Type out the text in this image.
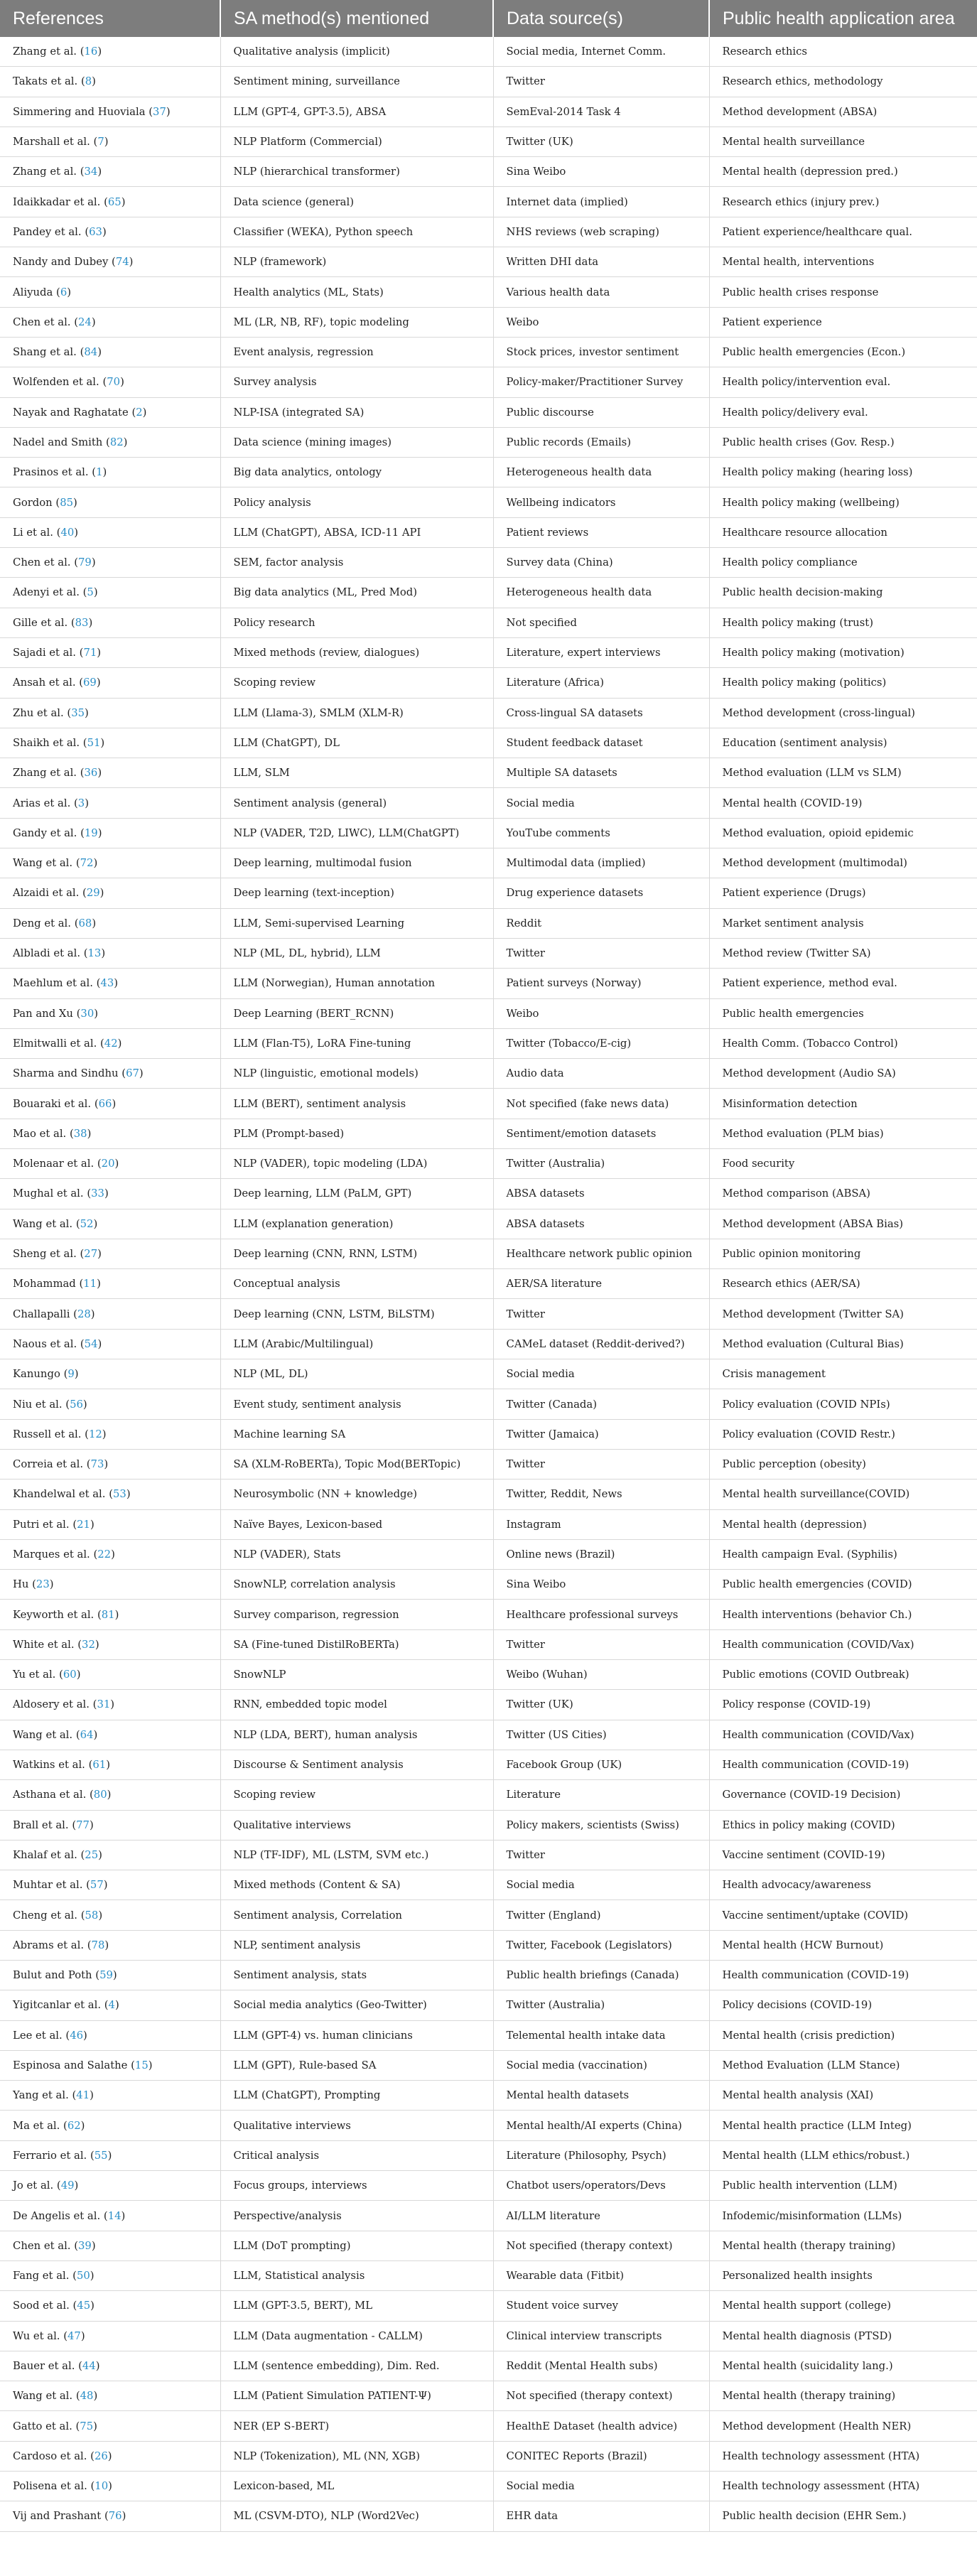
References	SA method(s) mentioned	Data source(s)	Public health application area
Zhang et al. (16)	Qualitative analysis (implicit)	Social media, Internet Comm.	Research ethics
Takats et al. (8)	Sentiment mining, surveillance	Twitter	Research ethics, methodology
Simmering and Huoviala (37)	LLM (GPT-4, GPT-3.5), ABSA	SemEval-2014 Task 4	Method development (ABSA)
Marshall et al. (7)	NLP Platform (Commercial)	Twitter (UK)	Mental health surveillance
Zhang et al. (34)	NLP (hierarchical transformer)	Sina Weibo	Mental health (depression pred.)
Idaikkadar et al. (65)	Data science (general)	Internet data (implied)	Research ethics (injury prev.)
Pandey et al. (63)	Classifier (WEKA), Python speech	NHS reviews (web scraping)	Patient experience/healthcare qual.
Nandy and Dubey (74)	NLP (framework)	Written DHI data	Mental health, interventions
Aliyuda (6)	Health analytics (ML, Stats)	Various health data	Public health crises response
Chen et al. (24)	ML (LR, NB, RF), topic modeling	Weibo	Patient experience
Shang et al. (84)	Event analysis, regression	Stock prices, investor sentiment	Public health emergencies (Econ.)
Wolfenden et al. (70)	Survey analysis	Policy-maker/Practitioner Survey	Health policy/intervention eval.
Nayak and Raghatate (2)	NLP-ISA (integrated SA)	Public discourse	Health policy/delivery eval.
Nadel and Smith (82)	Data science (mining images)	Public records (Emails)	Public health crises (Gov. Resp.)
Prasinos et al. (1)	Big data analytics, ontology	Heterogeneous health data	Health policy making (hearing loss)
Gordon (85)	Policy analysis	Wellbeing indicators	Health policy making (wellbeing)
Li et al. (40)	LLM (ChatGPT), ABSA, ICD-11 API	Patient reviews	Healthcare resource allocation
Chen et al. (79)	SEM, factor analysis	Survey data (China)	Health policy compliance
Adenyi et al. (5)	Big data analytics (ML, Pred Mod)	Heterogeneous health data	Public health decision-making
Gille et al. (83)	Policy research	Not specified	Health policy making (trust)
Sajadi et al. (71)	Mixed methods (review, dialogues)	Literature, expert interviews	Health policy making (motivation)
Ansah et al. (69)	Scoping review	Literature (Africa)	Health policy making (politics)
Zhu et al. (35)	LLM (Llama-3), SMLM (XLM-R)	Cross-lingual SA datasets	Method development (cross-lingual)
Shaikh et al. (51)	LLM (ChatGPT), DL	Student feedback dataset	Education (sentiment analysis)
Zhang et al. (36)	LLM, SLM	Multiple SA datasets	Method evaluation (LLM vs SLM)
Arias et al. (3)	Sentiment analysis (general)	Social media	Mental health (COVID-19)
Gandy et al. (19)	NLP (VADER, T2D, LIWC), LLM(ChatGPT)	YouTube comments	Method evaluation, opioid epidemic
Wang et al. (72)	Deep learning, multimodal fusion	Multimodal data (implied)	Method development (multimodal)
Alzaidi et al. (29)	Deep learning (text-inception)	Drug experience datasets	Patient experience (Drugs)
Deng et al. (68)	LLM, Semi-supervised Learning	Reddit	Market sentiment analysis
Albladi et al. (13)	NLP (ML, DL, hybrid), LLM	Twitter	Method review (Twitter SA)
Maehlum et al. (43)	LLM (Norwegian), Human annotation	Patient surveys (Norway)	Patient experience, method eval.
Pan and Xu (30)	Deep Learning (BERT_RCNN)	Weibo	Public health emergencies
Elmitwalli et al. (42)	LLM (Flan-T5), LoRA Fine-tuning	Twitter (Tobacco/E-cig)	Health Comm. (Tobacco Control)
Sharma and Sindhu (67)	NLP (linguistic, emotional models)	Audio data	Method development (Audio SA)
Bouaraki et al. (66)	LLM (BERT), sentiment analysis	Not specified (fake news data)	Misinformation detection
Mao et al. (38)	PLM (Prompt-based)	Sentiment/emotion datasets	Method evaluation (PLM bias)
Molenaar et al. (20)	NLP (VADER), topic modeling (LDA)	Twitter (Australia)	Food security
Mughal et al. (33)	Deep learning, LLM (PaLM, GPT)	ABSA datasets	Method comparison (ABSA)
Wang et al. (52)	LLM (explanation generation)	ABSA datasets	Method development (ABSA Bias)
Sheng et al. (27)	Deep learning (CNN, RNN, LSTM)	Healthcare network public opinion	Public opinion monitoring
Mohammad (11)	Conceptual analysis	AER/SA literature	Research ethics (AER/SA)
Challapalli (28)	Deep learning (CNN, LSTM, BiLSTM)	Twitter	Method development (Twitter SA)
Naous et al. (54)	LLM (Arabic/Multilingual)	CAMeL dataset (Reddit-derived?)	Method evaluation (Cultural Bias)
Kanungo (9)	NLP (ML, DL)	Social media	Crisis management
Niu et al. (56)	Event study, sentiment analysis	Twitter (Canada)	Policy evaluation (COVID NPIs)
Russell et al. (12)	Machine learning SA	Twitter (Jamaica)	Policy evaluation (COVID Restr.)
Correia et al. (73)	SA (XLM-RoBERTa), Topic Mod(BERTopic)	Twitter	Public perception (obesity)
Khandelwal et al. (53)	Neurosymbolic (NN + knowledge)	Twitter, Reddit, News	Mental health surveillance(COVID)
Putri et al. (21)	Naïve Bayes, Lexicon-based	Instagram	Mental health (depression)
Marques et al. (22)	NLP (VADER), Stats	Online news (Brazil)	Health campaign Eval. (Syphilis)
Hu (23)	SnowNLP, correlation analysis	Sina Weibo	Public health emergencies (COVID)
Keyworth et al. (81)	Survey comparison, regression	Healthcare professional surveys	Health interventions (behavior Ch.)
White et al. (32)	SA (Fine-tuned DistilRoBERTa)	Twitter	Health communication (COVID/Vax)
Yu et al. (60)	SnowNLP	Weibo (Wuhan)	Public emotions (COVID Outbreak)
Aldosery et al. (31)	RNN, embedded topic model	Twitter (UK)	Policy response (COVID-19)
Wang et al. (64)	NLP (LDA, BERT), human analysis	Twitter (US Cities)	Health communication (COVID/Vax)
Watkins et al. (61)	Discourse & Sentiment analysis	Facebook Group (UK)	Health communication (COVID-19)
Asthana et al. (80)	Scoping review	Literature	Governance (COVID-19 Decision)
Brall et al. (77)	Qualitative interviews	Policy makers, scientists (Swiss)	Ethics in policy making (COVID)
Khalaf et al. (25)	NLP (TF-IDF), ML (LSTM, SVM etc.)	Twitter	Vaccine sentiment (COVID-19)
Muhtar et al. (57)	Mixed methods (Content & SA)	Social media	Health advocacy/awareness
Cheng et al. (58)	Sentiment analysis, Correlation	Twitter (England)	Vaccine sentiment/uptake (COVID)
Abrams et al. (78)	NLP, sentiment analysis	Twitter, Facebook (Legislators)	Mental health (HCW Burnout)
Bulut and Poth (59)	Sentiment analysis, stats	Public health briefings (Canada)	Health communication (COVID-19)
Yigitcanlar et al. (4)	Social media analytics (Geo-Twitter)	Twitter (Australia)	Policy decisions (COVID-19)
Lee et al. (46)	LLM (GPT-4) vs. human clinicians	Telemental health intake data	Mental health (crisis prediction)
Espinosa and Salathe (15)	LLM (GPT), Rule-based SA	Social media (vaccination)	Method Evaluation (LLM Stance)
Yang et al. (41)	LLM (ChatGPT), Prompting	Mental health datasets	Mental health analysis (XAI)
Ma et al. (62)	Qualitative interviews	Mental health/AI experts (China)	Mental health practice (LLM Integ)
Ferrario et al. (55)	Critical analysis	Literature (Philosophy, Psych)	Mental health (LLM ethics/robust.)
Jo et al. (49)	Focus groups, interviews	Chatbot users/operators/Devs	Public health intervention (LLM)
De Angelis et al. (14)	Perspective/analysis	AI/LLM literature	Infodemic/misinformation (LLMs)
Chen et al. (39)	LLM (DoT prompting)	Not specified (therapy context)	Mental health (therapy training)
Fang et al. (50)	LLM, Statistical analysis	Wearable data (Fitbit)	Personalized health insights
Sood et al. (45)	LLM (GPT-3.5, BERT), ML	Student voice survey	Mental health support (college)
Wu et al. (47)	LLM (Data augmentation - CALLM)	Clinical interview transcripts	Mental health diagnosis (PTSD)
Bauer et al. (44)	LLM (sentence embedding), Dim. Red.	Reddit (Mental Health subs)	Mental health (suicidality lang.)
Wang et al. (48)	LLM (Patient Simulation PATIENT-Ψ)	Not specified (therapy context)	Mental health (therapy training)
Gatto et al. (75)	NER (EP S-BERT)	HealthE Dataset (health advice)	Method development (Health NER)
Cardoso et al. (26)	NLP (Tokenization), ML (NN, XGB)	CONITEC Reports (Brazil)	Health technology assessment (HTA)
Polisena et al. (10)	Lexicon-based, ML	Social media	Health technology assessment (HTA)
Vij and Prashant (76)	ML (CSVM-DTO), NLP (Word2Vec)	EHR data	Public health decision (EHR Sem.)
